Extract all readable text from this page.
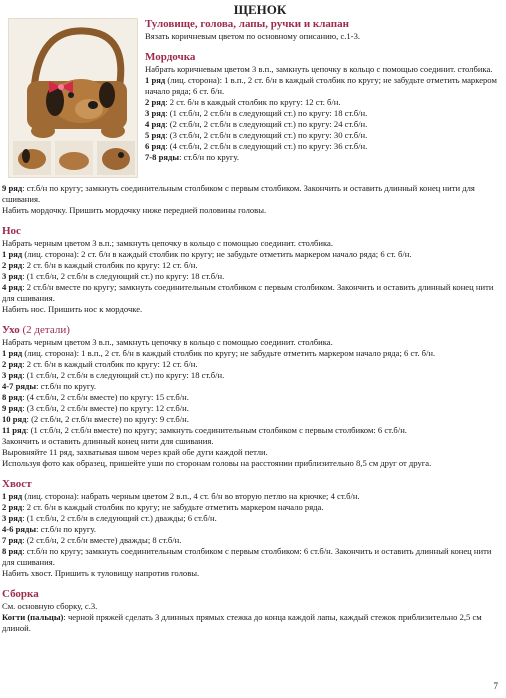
ЩЕНОК
Туловище, голова, лапы, ручки и клапан
Вязать коричневым цветом по основному описанию, с.1-3.
Мордочка
Набрать коричневым цветом 3 в.п., замкнуть цепочку в кольцо с помощью соединит. столбика.
1 ряд (лиц. сторона): 1 в.п., 2 ст. б/н в каждый столбик по кругу; не забудьте отметить маркером начало ряда; 6 ст. б/н.
2 ряд: 2 ст. б/н в каждый столбик по кругу: 12 ст. б/н.
3 ряд: (1 ст.б/н, 2 ст.б/н в следующий ст.) по кругу: 18 ст.б/н.
4 ряд: (2 ст.б/н, 2 ст.б/н в следующий ст.) по кругу: 24 ст.б/н.
5 ряд: (3 ст.б/н, 2 ст.б/н в следующий ст.) по кругу: 30 ст.б/н.
6 ряд: (4 ст.б/н, 2 ст.б/н в следующий ст.) по кругу: 36 ст.б/н.
7-8 ряды: ст.б/н по кругу.
9 ряд: ст.б/н по кругу; замкнуть соединительным столбиком с первым столбиком. Закончить и оставить длинный конец нити для сшивания.
Набить мордочку. Пришить мордочку ниже передней половины головы.
Нос
Набрать черным цветом 3 в.п.; замкнуть цепочку в кольцо с помощью соединит. столбика.
1 ряд (лиц. сторона): 2 ст. б/н в каждый столбик по кругу; не забудьте отметить маркером начало ряда; 6 ст. б/н.
2 ряд: 2 ст. б/н в каждый столбик по кругу: 12 ст. б/н.
3 ряд: (1 ст.б/н, 2 ст.б/н в следующий ст.) по кругу: 18 ст.б/н.
4 ряд: 2 ст.б/н вместе по кругу; замкнуть соединительным столбиком с первым столбиком. Закончить и оставить длинный конец нити для сшивания.
Набить нос. Пришить нос к мордочке.
Ухо (2 детали)
Набрать черным цветом 3 в.п., замкнуть цепочку в кольцо с помощью соединит. столбика.
1 ряд (лиц. сторона): 1 в.п., 2 ст. б/н в каждый столбик по кругу; не забудьте отметить маркером начало ряда; 6 ст. б/н.
2 ряд: 2 ст. б/н в каждый столбик по кругу: 12 ст. б/н.
3 ряд: (1 ст.б/н, 2 ст.б/н в следующий ст.) по кругу: 18 ст.б/н.
4-7 ряды: ст.б/н по кругу.
8 ряд: (4 ст.б/н, 2 ст.б/н вместе) по кругу: 15 ст.б/н.
9 ряд: (3 ст.б/н, 2 ст.б/н вместе) по кругу: 12 ст.б/н.
10 ряд: (2 ст.б/н, 2 ст.б/н вместе) по кругу: 9 ст.б/н.
11 ряд: (1 ст.б/н, 2 ст.б/н вместе) по кругу; замкнуть соединительным столбиком с первым столбиком: 6 ст.б/н.
Закончить и оставить длинный конец нити для сшивания.
Выровняйте 11 ряд, захватывая швом через край обе дуги каждой петли.
Используя фото как образец, пришейте уши по сторонам головы на расстоянии приблизительно 8,5 см друг от друга.
Хвост
1 ряд (лиц. сторона): набрать черным цветом 2 в.п., 4 ст. б/н во вторую петлю на крючке; 4 ст.б/н.
2 ряд: 2 ст. б/н в каждый столбик по кругу; не забудьте отметить маркером начало ряда.
3 ряд: (1 ст.б/н, 2 ст.б/н в следующий ст.) дважды; 6 ст.б/н.
4-6 ряды: ст.б/н по кругу.
7 ряд: (2 ст.б/н, 2 ст.б/н вместе) дважды; 8 ст.б/н.
8 ряд: ст.б/н по кругу; замкнуть соединительным столбиком с первым столбиком: 6 ст.б/н. Закончить и оставить длинный конец нити для сшивания.
Набить хвост. Пришить к туловищу напротив головы.
Сборка
См. основную сборку, с.3.
Когти (пальцы): черной пряжей сделать 3 длинных прямых стежка до конца каждой лапы, каждый стежок приблизительно 2,5 см длиной.
7
